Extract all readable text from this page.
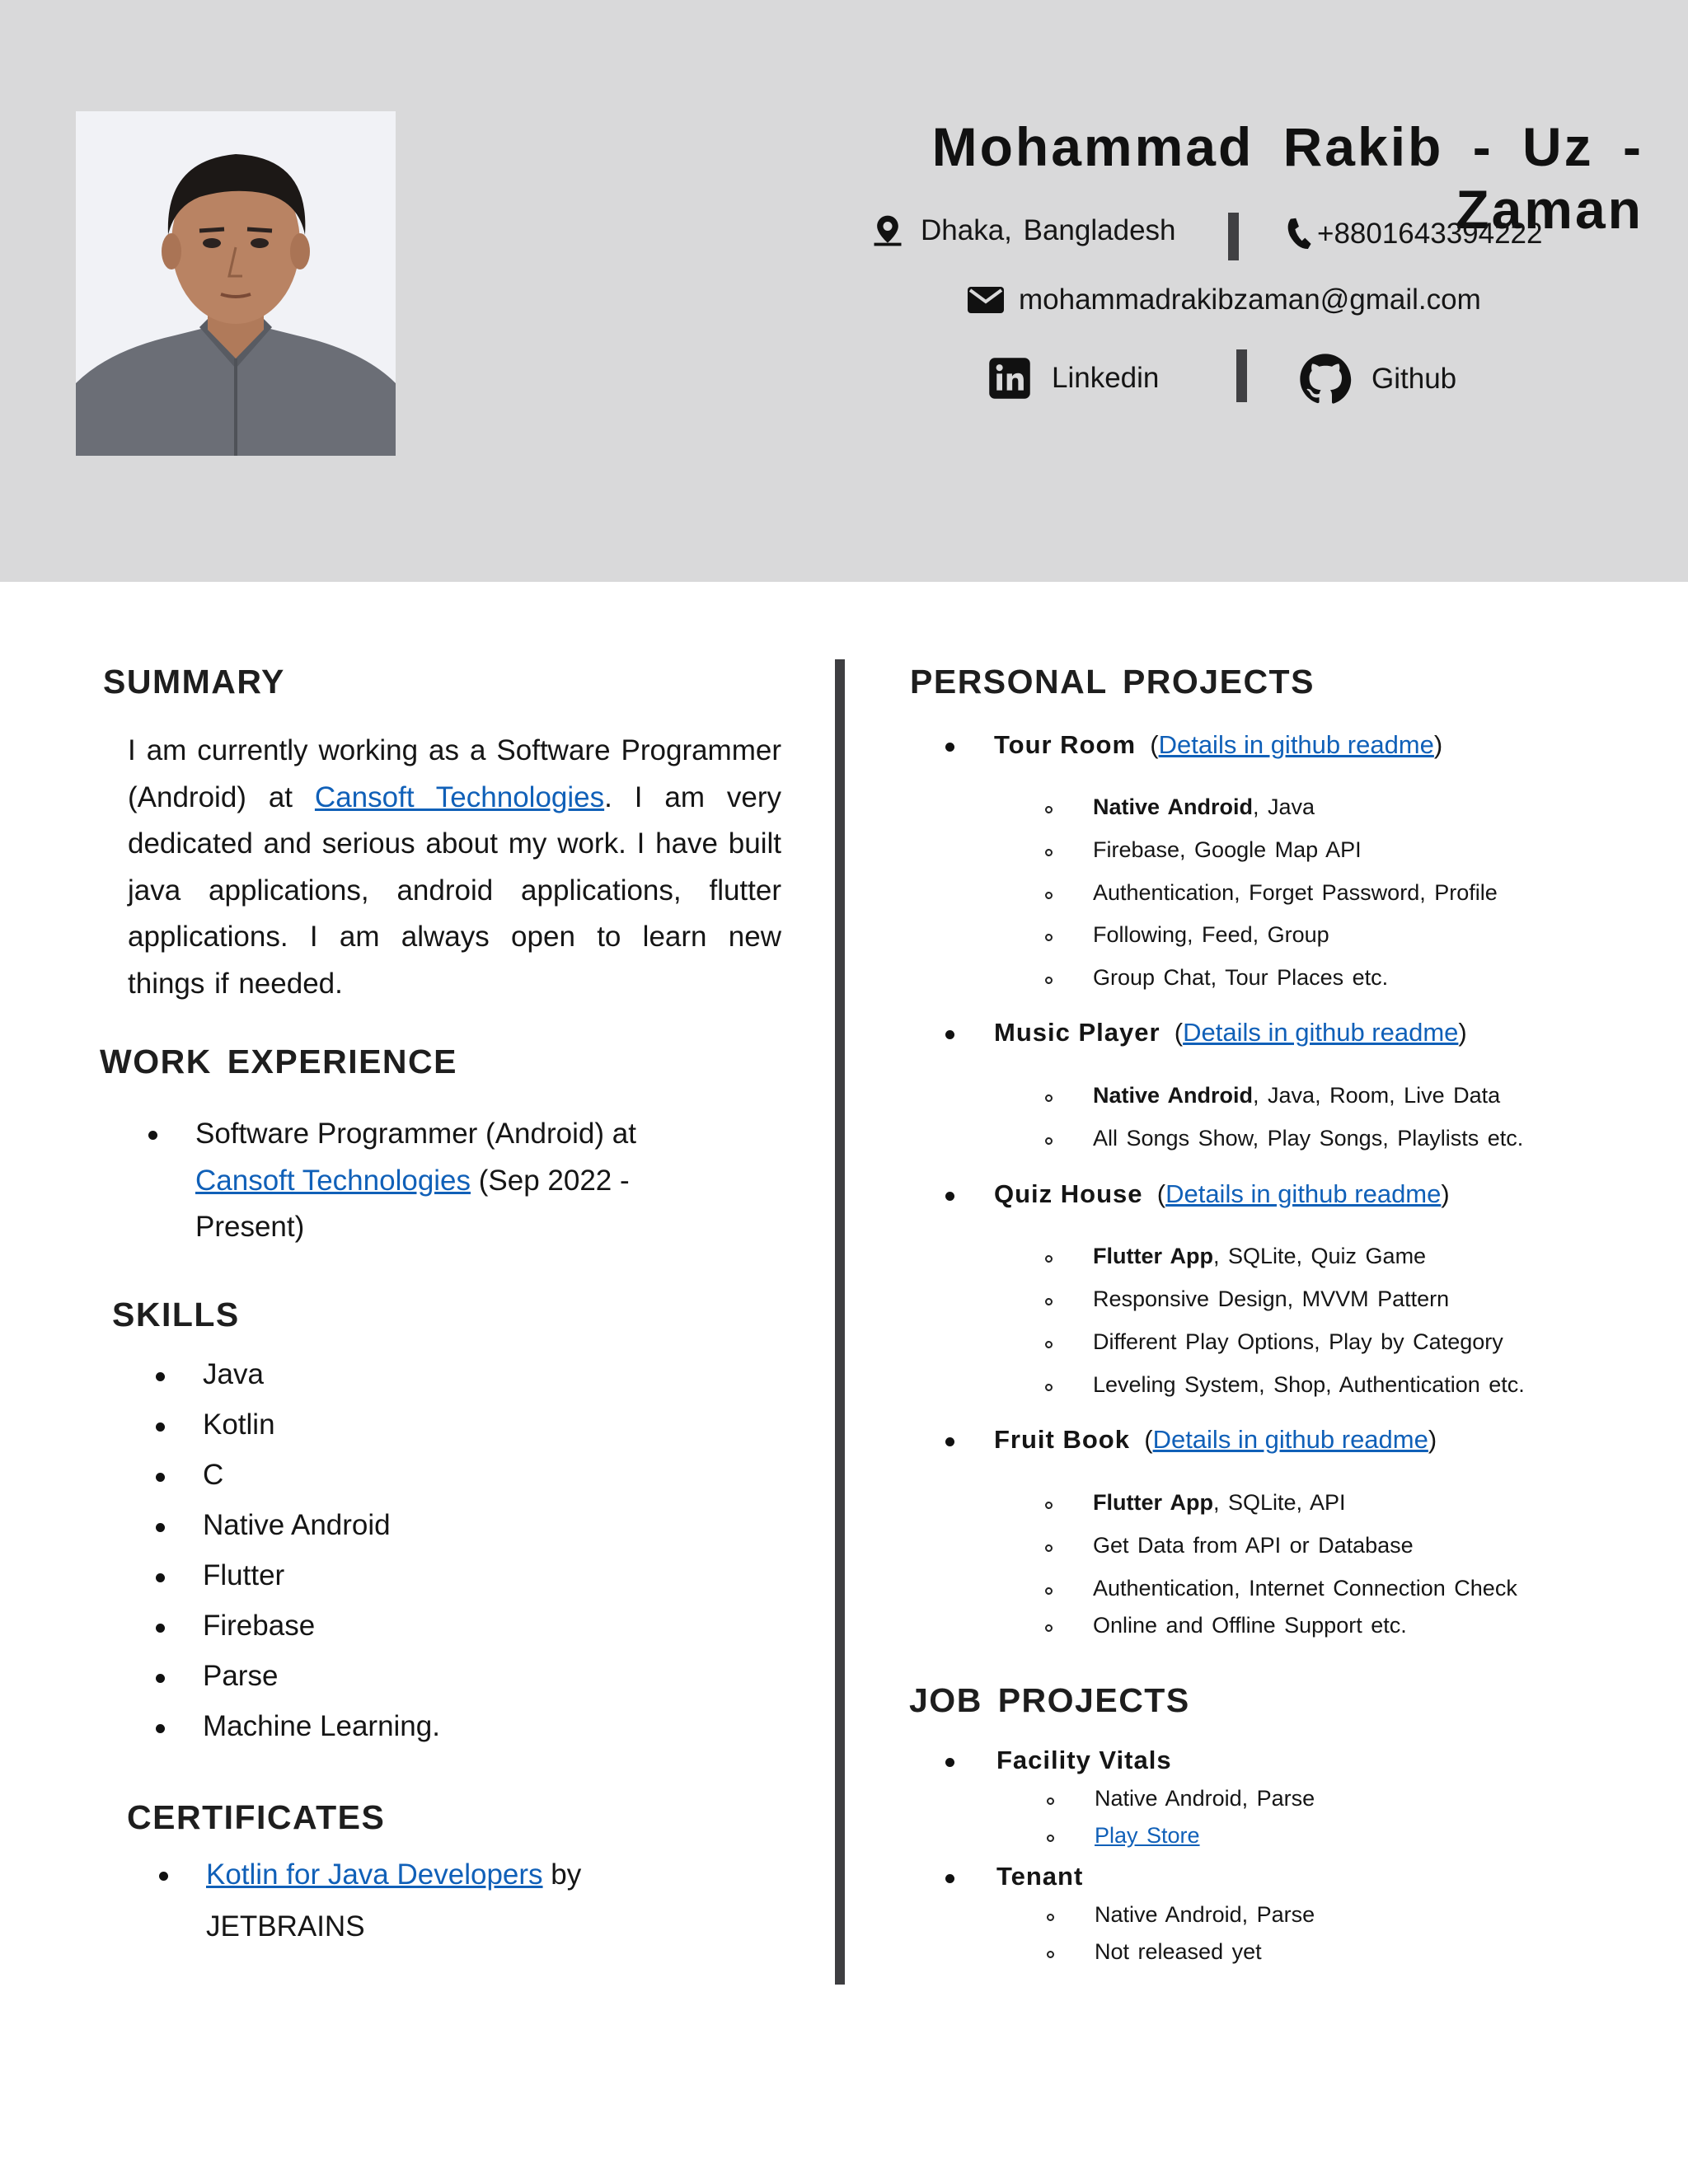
Mohammad Rakib - Uz - Zaman
Dhaka, Bangladesh	+8801643394222
mohammadrakibzaman@gmail.com
Linkedin	Github
SUMMARY

I am currently working as a Software Programmer (Android) at Cansoft Technologies. I am very dedicated and serious about my work. I have built java applications, android applications, flutter applications. I am always open to learn new things if needed.

WORK EXPERIENCE
Software Programmer (Android) at
Cansoft Technologies (Sep 2022 - Present)
SKILLS
Java
Kotlin
C
Native Android
Flutter
Firebase
Parse
Machine Learning.
CERTIFICATES
Kotlin for Java Developers by
JETBRAINS
PERSONAL PROJECTS
Tour Room  (Details in github readme)
Native Android, Java
Firebase, Google Map API
Authentication, Forget Password, Profile
Following, Feed, Group
Group Chat, Tour Places etc.
Music Player  (Details in github readme)
Native Android, Java, Room, Live Data
All Songs Show, Play Songs, Playlists etc.
Quiz House  (Details in github readme)
Flutter App, SQLite, Quiz Game
Responsive Design, MVVM Pattern
Different Play Options, Play by Category
Leveling System, Shop, Authentication etc.
Fruit Book  (Details in github readme)
Flutter App, SQLite, API
Get Data from API or Database
Authentication, Internet Connection Check
Online and Offline Support etc.
JOB PROJECTS
Facility Vitals
Native Android, Parse
Play Store
Tenant
Native Android, Parse
Not released yet
